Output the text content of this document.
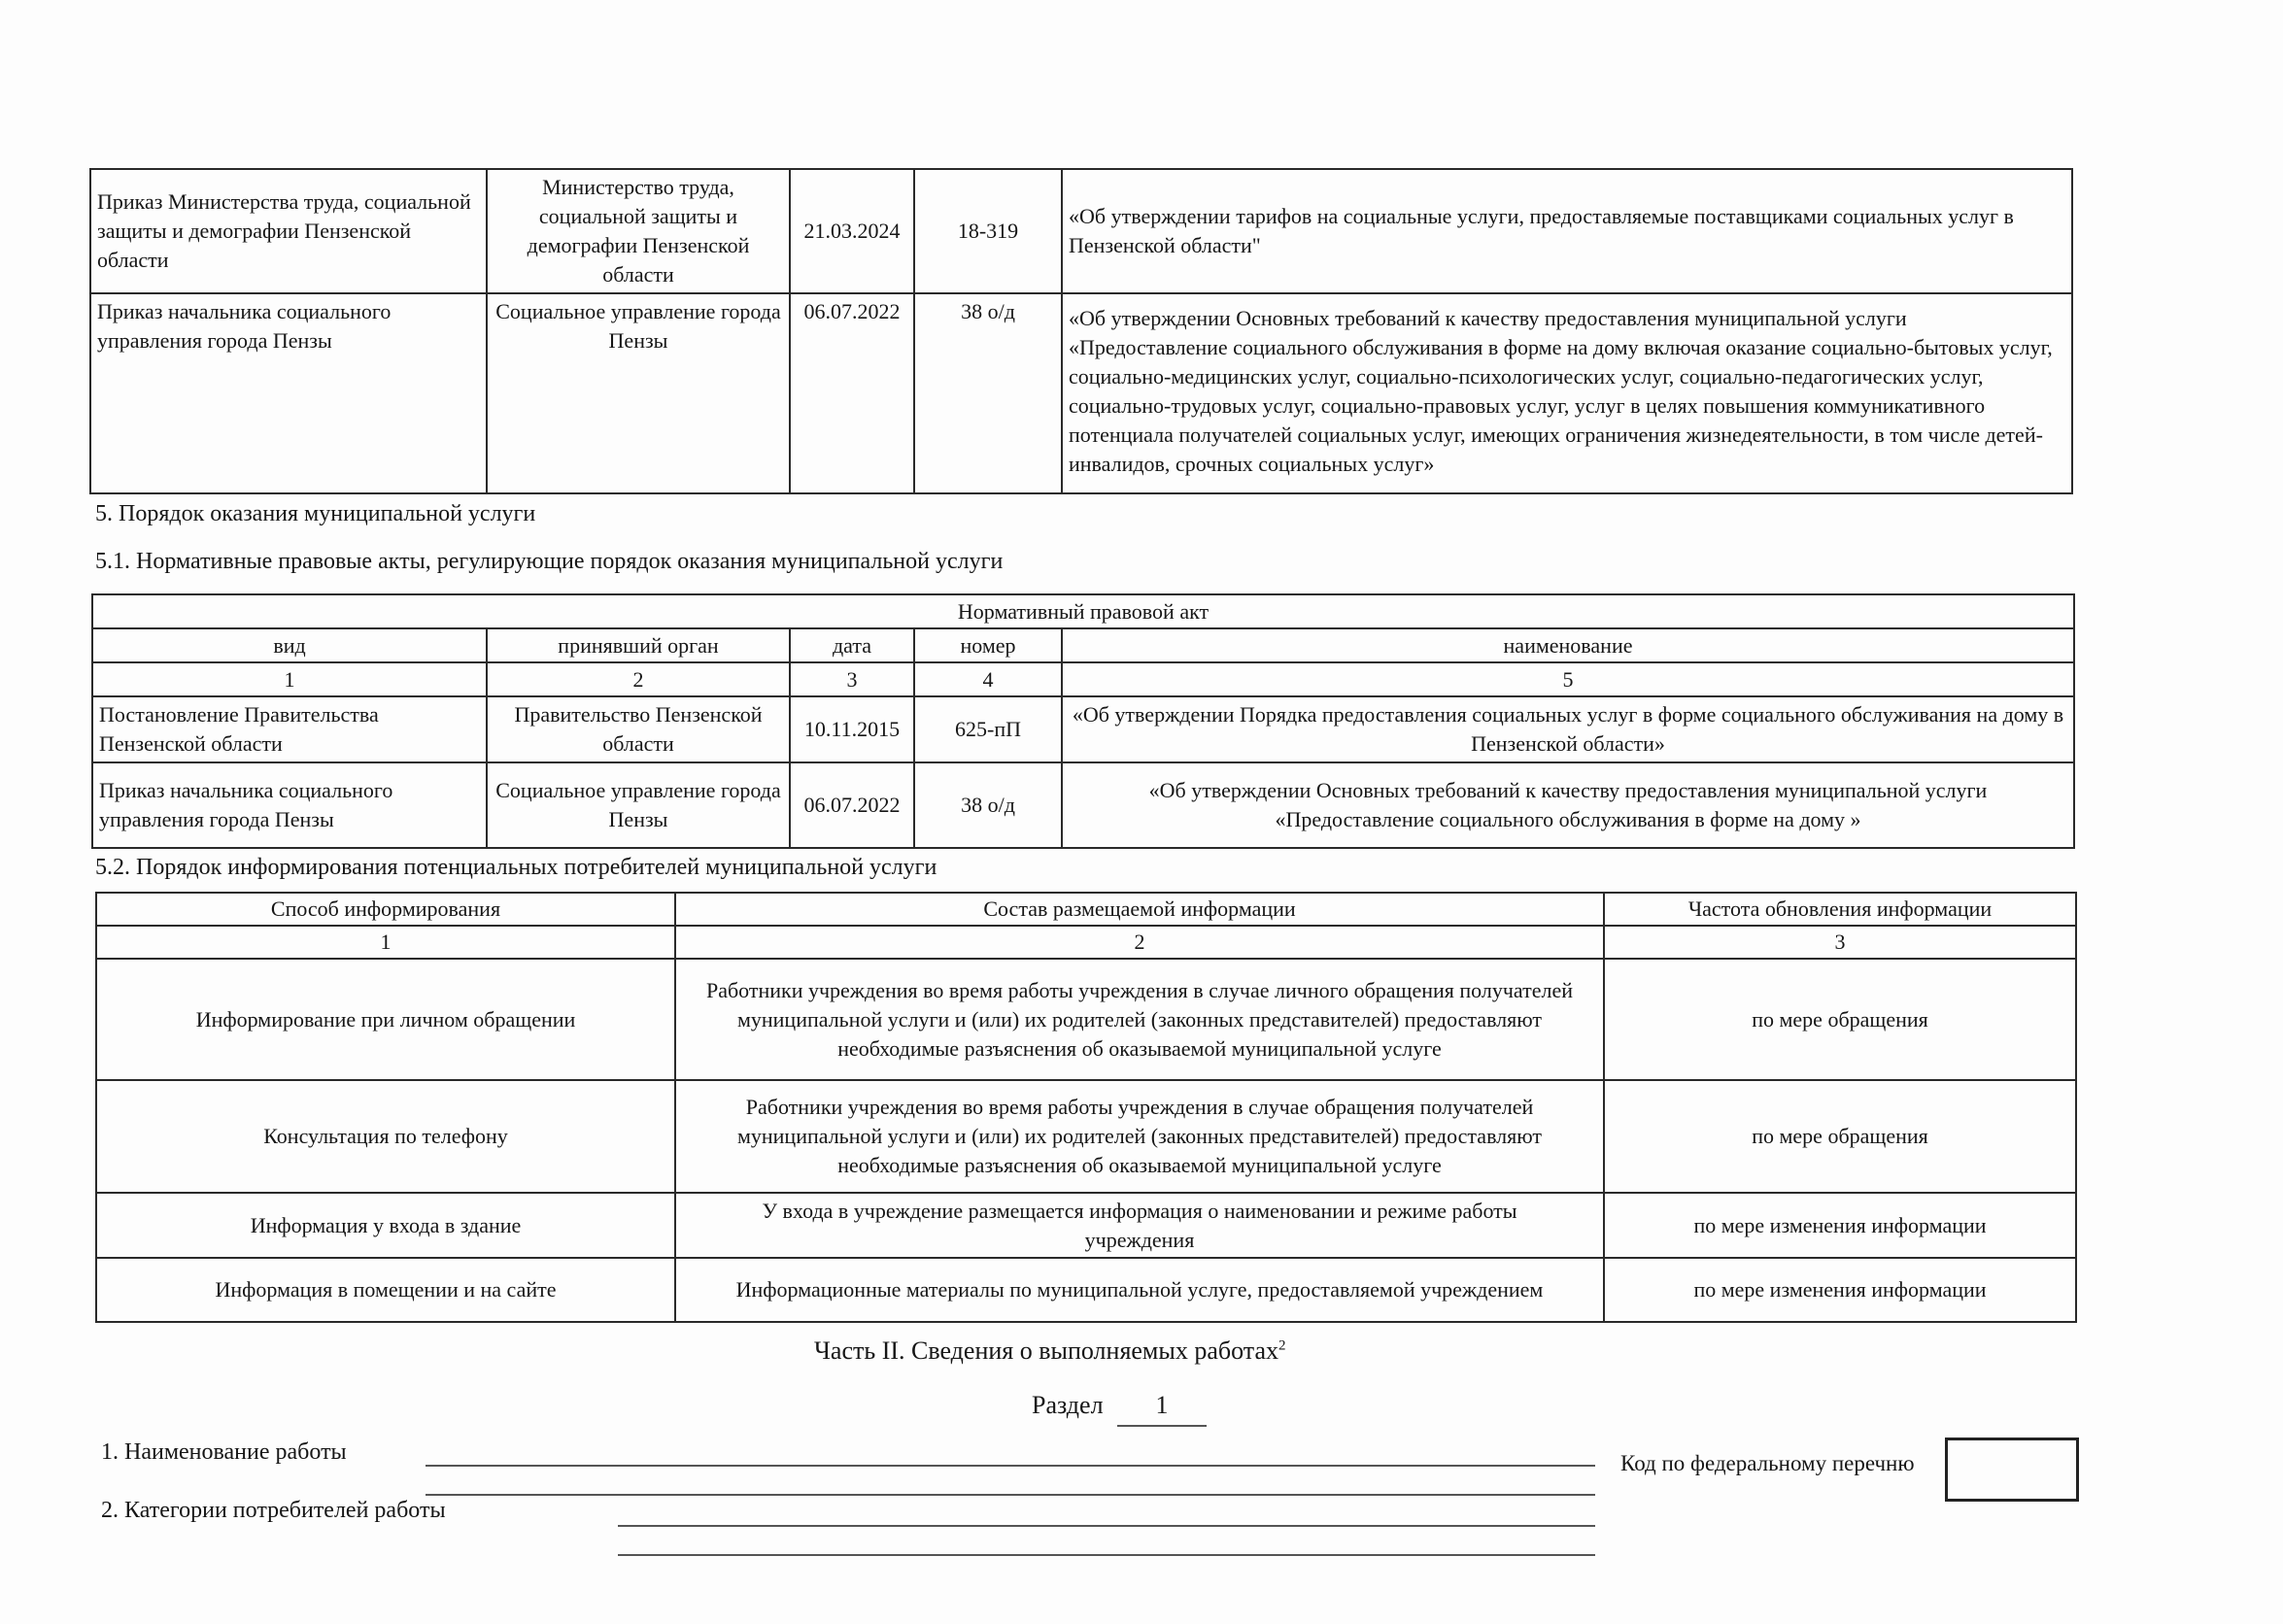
Приказ Министерства труда, социальной защиты и демографии Пензенской области	Министерство труда, социальной защиты и демографии Пензенской области	21.03.2024	18-319	«Об утверждении тарифов на социальные услуги, предоставляемые поставщиками социальных услуг в Пензенской области"
Приказ начальника социального управления города Пензы	Социальное управление города Пензы	06.07.2022	38 о/д	«Об утверждении Основных требований к качеству предоставления муниципальной услуги «Предоставление социального обслуживания в форме на дому включая оказание социально-бытовых услуг, социально-медицинских услуг, социально-психологических услуг, социально-педагогических услуг, социально-трудовых услуг, социально-правовых услуг, услуг в целях повышения коммуникативного потенциала получателей социальных услуг, имеющих ограничения жизнедеятельности, в том числе детей-инвалидов, срочных социальных услуг»
5. Порядок оказания муниципальной услуги
5.1. Нормативные правовые акты, регулирующие порядок оказания муниципальной услуги
Нормативный правовой акт				
вид	принявший орган	дата	номер	наименование
1	2	3	4	5
Постановление Правительства Пензенской области	Правительство Пензенской области	10.11.2015	625-пП	«Об утверждении Порядка предоставления социальных услуг в форме социального обслуживания на дому в Пензенской области»
Приказ начальника социального управления города Пензы	Социальное управление города Пензы	06.07.2022	38 о/д	«Об утверждении Основных требований к качеству предоставления муниципальной услуги «Предоставление социального обслуживания в форме на дому »
5.2. Порядок информирования потенциальных потребителей муниципальной услуги
Способ информирования	Состав размещаемой информации	Частота обновления информации
1	2	3
Информирование при личном обращении	Работники учреждения во время работы учреждения в случае личного обращения получателей муниципальной услуги и (или) их родителей (законных представителей) предоставляют необходимые разъяснения об оказываемой муниципальной услуге	по мере обращения
Консультация по телефону	Работники учреждения во время работы учреждения в случае обращения получателей муниципальной услуги и (или) их родителей (законных представителей) предоставляют необходимые разъяснения об оказываемой муниципальной услуге	по мере обращения
Информация у входа в здание	У входа в учреждение размещается информация о наименовании и режиме работы учреждения	по мере изменения информации
Информация в помещении и на сайте	Информационные материалы по муниципальной услуге, предоставляемой учреждением	по мере изменения информации
Часть II. Сведения о выполняемых работах$^2$
Раздел	1
1. Наименование работы	Код по федеральному перечню
2. Категории потребителей работы
